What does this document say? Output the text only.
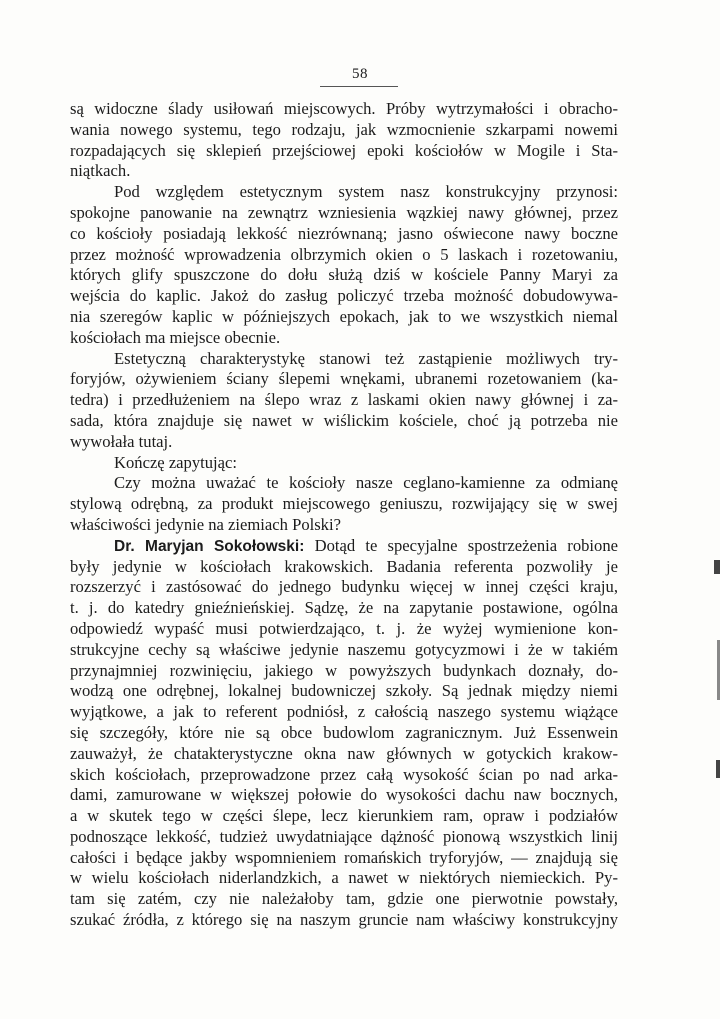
58
są widoczne ślady usiłowań miejscowych. Próby wytrzymałości i obracho-
wania nowego systemu, tego rodzaju, jak wzmocnienie szkarpami nowemi
rozpadających się sklepień przejściowej epoki kościołów w Mogile i Sta-
niątkach.
Pod względem estetycznym system nasz konstrukcyjny przynosi:
spokojne panowanie na zewnątrz wzniesienia wązkiej nawy głównej, przez
co kościoły posiadają lekkość niezrównaną; jasno oświecone nawy boczne
przez możność wprowadzenia olbrzymich okien o 5 laskach i rozetowaniu,
których glify spuszczone do dołu służą dziś w kościele Panny Maryi za
wejścia do kaplic. Jakoż do zasług policzyć trzeba możność dobudowywa-
nia szeregów kaplic w późniejszych epokach, jak to we wszystkich niemal
kościołach ma miejsce obecnie.
Estetyczną charakterystykę stanowi też zastąpienie możliwych try-
foryjów, ożywieniem ściany ślepemi wnękami, ubranemi rozetowaniem (ka-
tedra) i przedłużeniem na ślepo wraz z laskami okien nawy głównej i za-
sada, która znajduje się nawet w wiślickim kościele, choć ją potrzeba nie
wywołała tutaj.
Kończę zapytując:
Czy można uważać te kościoły nasze ceglano-kamienne za odmianę
stylową odrębną, za produkt miejscowego geniuszu, rozwijający się w swej
właściwości jedynie na ziemiach Polski?
Dr. Maryjan Sokołowski: Dotąd te specyjalne spostrzeżenia robione
były jedynie w kościołach krakowskich. Badania referenta pozwoliły je
rozszerzyć i zastósować do jednego budynku więcej w innej części kraju,
t. j. do katedry gnieźnieńskiej. Sądzę, że na zapytanie postawione, ogólna
odpowiedź wypaść musi potwierdzająco, t. j. że wyżej wymienione kon-
strukcyjne cechy są właściwe jedynie naszemu gotycyzmowi i że w takiém
przynajmniej rozwinięciu, jakiego w powyższych budynkach doznały, do-
wodzą one odrębnej, lokalnej budowniczej szkoły. Są jednak między niemi
wyjątkowe, a jak to referent podniósł, z całością naszego systemu wiążące
się szczegóły, które nie są obce budowlom zagranicznym. Już Essenwein
zauważył, że chatakterystyczne okna naw głównych w gotyckich krakow-
skich kościołach, przeprowadzone przez całą wysokość ścian po nad arka-
dami, zamurowane w większej połowie do wysokości dachu naw bocznych,
a w skutek tego w części ślepe, lecz kierunkiem ram, opraw i podziałów
podnoszące lekkość, tudzież uwydatniające dążność pionową wszystkich linij
całości i będące jakby wspomnieniem romańskich tryforyjów, — znajdują się
w wielu kościołach niderlandzkich, a nawet w niektórych niemieckich. Py-
tam się zatém, czy nie należałoby tam, gdzie one pierwotnie powstały,
szukać źródła, z którego się na naszym gruncie nam właściwy konstrukcyjny
